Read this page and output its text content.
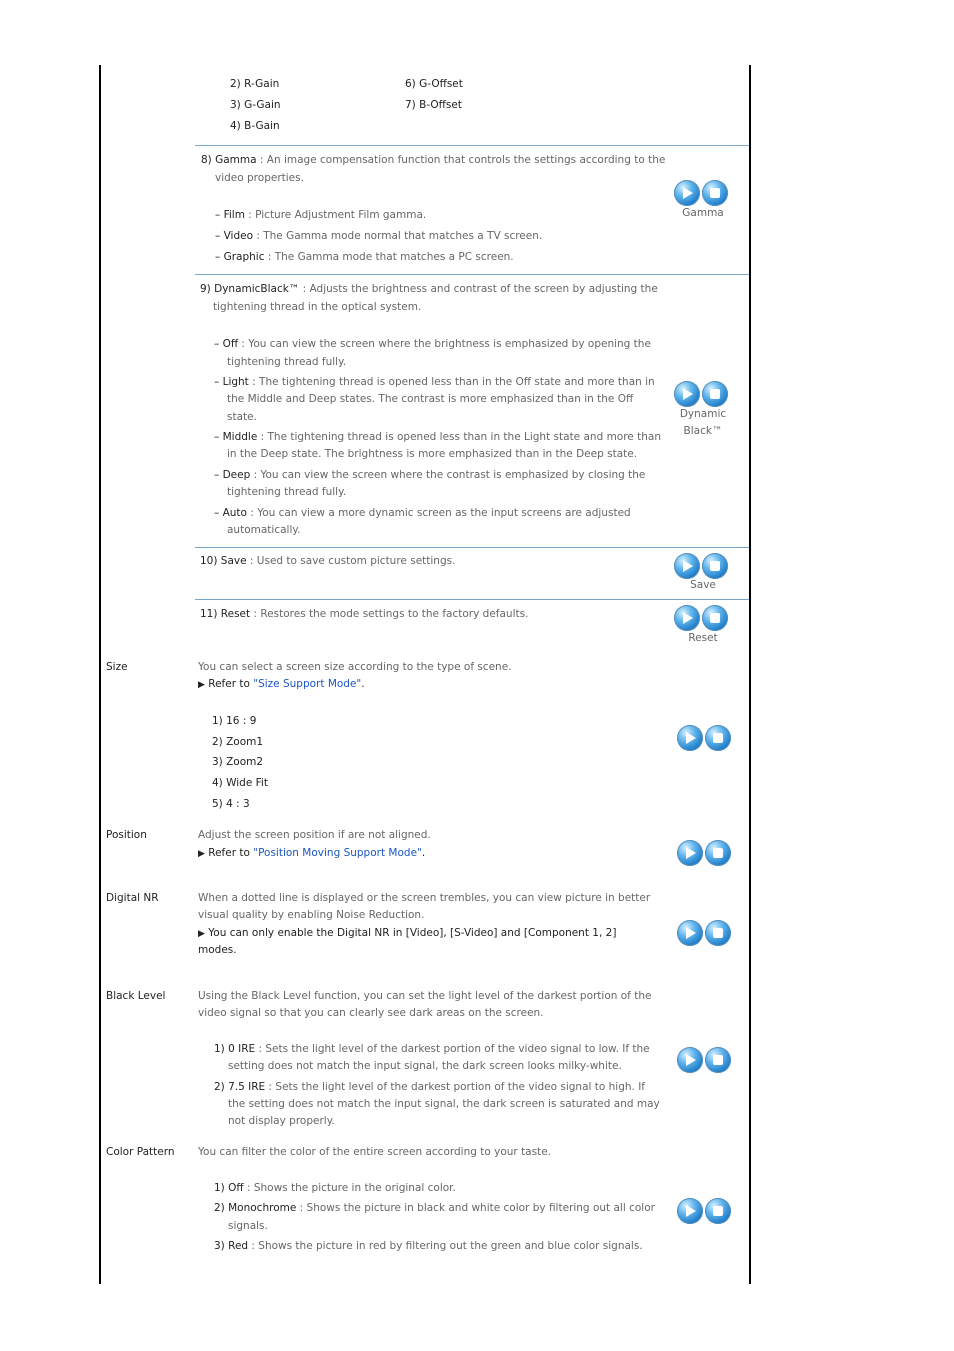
2) R-Gain
3) G-Gain
4) B-Gain
6) G-Offset
7) B-Offset
8) Gamma : An image compensation function that controls the settings according to the
video properties.
– Film : Picture Adjustment Film gamma.
– Video : The Gamma mode normal that matches a TV screen.
– Graphic : The Gamma mode that matches a PC screen.
Gamma
9) DynamicBlack™ : Adjusts the brightness and contrast of the screen by adjusting the
tightening thread in the optical system.
– Off : You can view the screen where the brightness is emphasized by opening the
tightening thread fully.
– Light : The tightening thread is opened less than in the Off state and more than in
the Middle and Deep states. The contrast is more emphasized than in the Off
state.
– Middle : The tightening thread is opened less than in the Light state and more than
in the Deep state. The brightness is more emphasized than in the Deep state.
– Deep : You can view the screen where the contrast is emphasized by closing the
tightening thread fully.
– Auto : You can view a more dynamic screen as the input screens are adjusted
automatically.
Dynamic
Black™
10) Save : Used to save custom picture settings.
Save
11) Reset : Restores the mode settings to the factory defaults.
Reset
Size	You can select a screen size according to the type of scene.
▶ Refer to "Size Support Mode".
1) 16 : 9
2) Zoom1
3) Zoom2
4) Wide Fit
5) 4 : 3
Position	Adjust the screen position if are not aligned.
▶ Refer to "Position Moving Support Mode".
Digital NR	When a dotted line is displayed or the screen trembles, you can view picture in better
visual quality by enabling Noise Reduction.
▶ You can only enable the Digital NR in [Video], [S-Video] and [Component 1, 2]
modes.
Black Level	Using the Black Level function, you can set the light level of the darkest portion of the
video signal so that you can clearly see dark areas on the screen.
1) 0 IRE : Sets the light level of the darkest portion of the video signal to low. If the
setting does not match the input signal, the dark screen looks milky-white.
2) 7.5 IRE : Sets the light level of the darkest portion of the video signal to high. If
the setting does not match the input signal, the dark screen is saturated and may
not display properly.
Color Pattern You can filter the color of the entire screen according to your taste.
1) Off : Shows the picture in the original color.
2) Monochrome : Shows the picture in black and white color by filtering out all color
signals.
3) Red : Shows the picture in red by filtering out the green and blue color signals.
